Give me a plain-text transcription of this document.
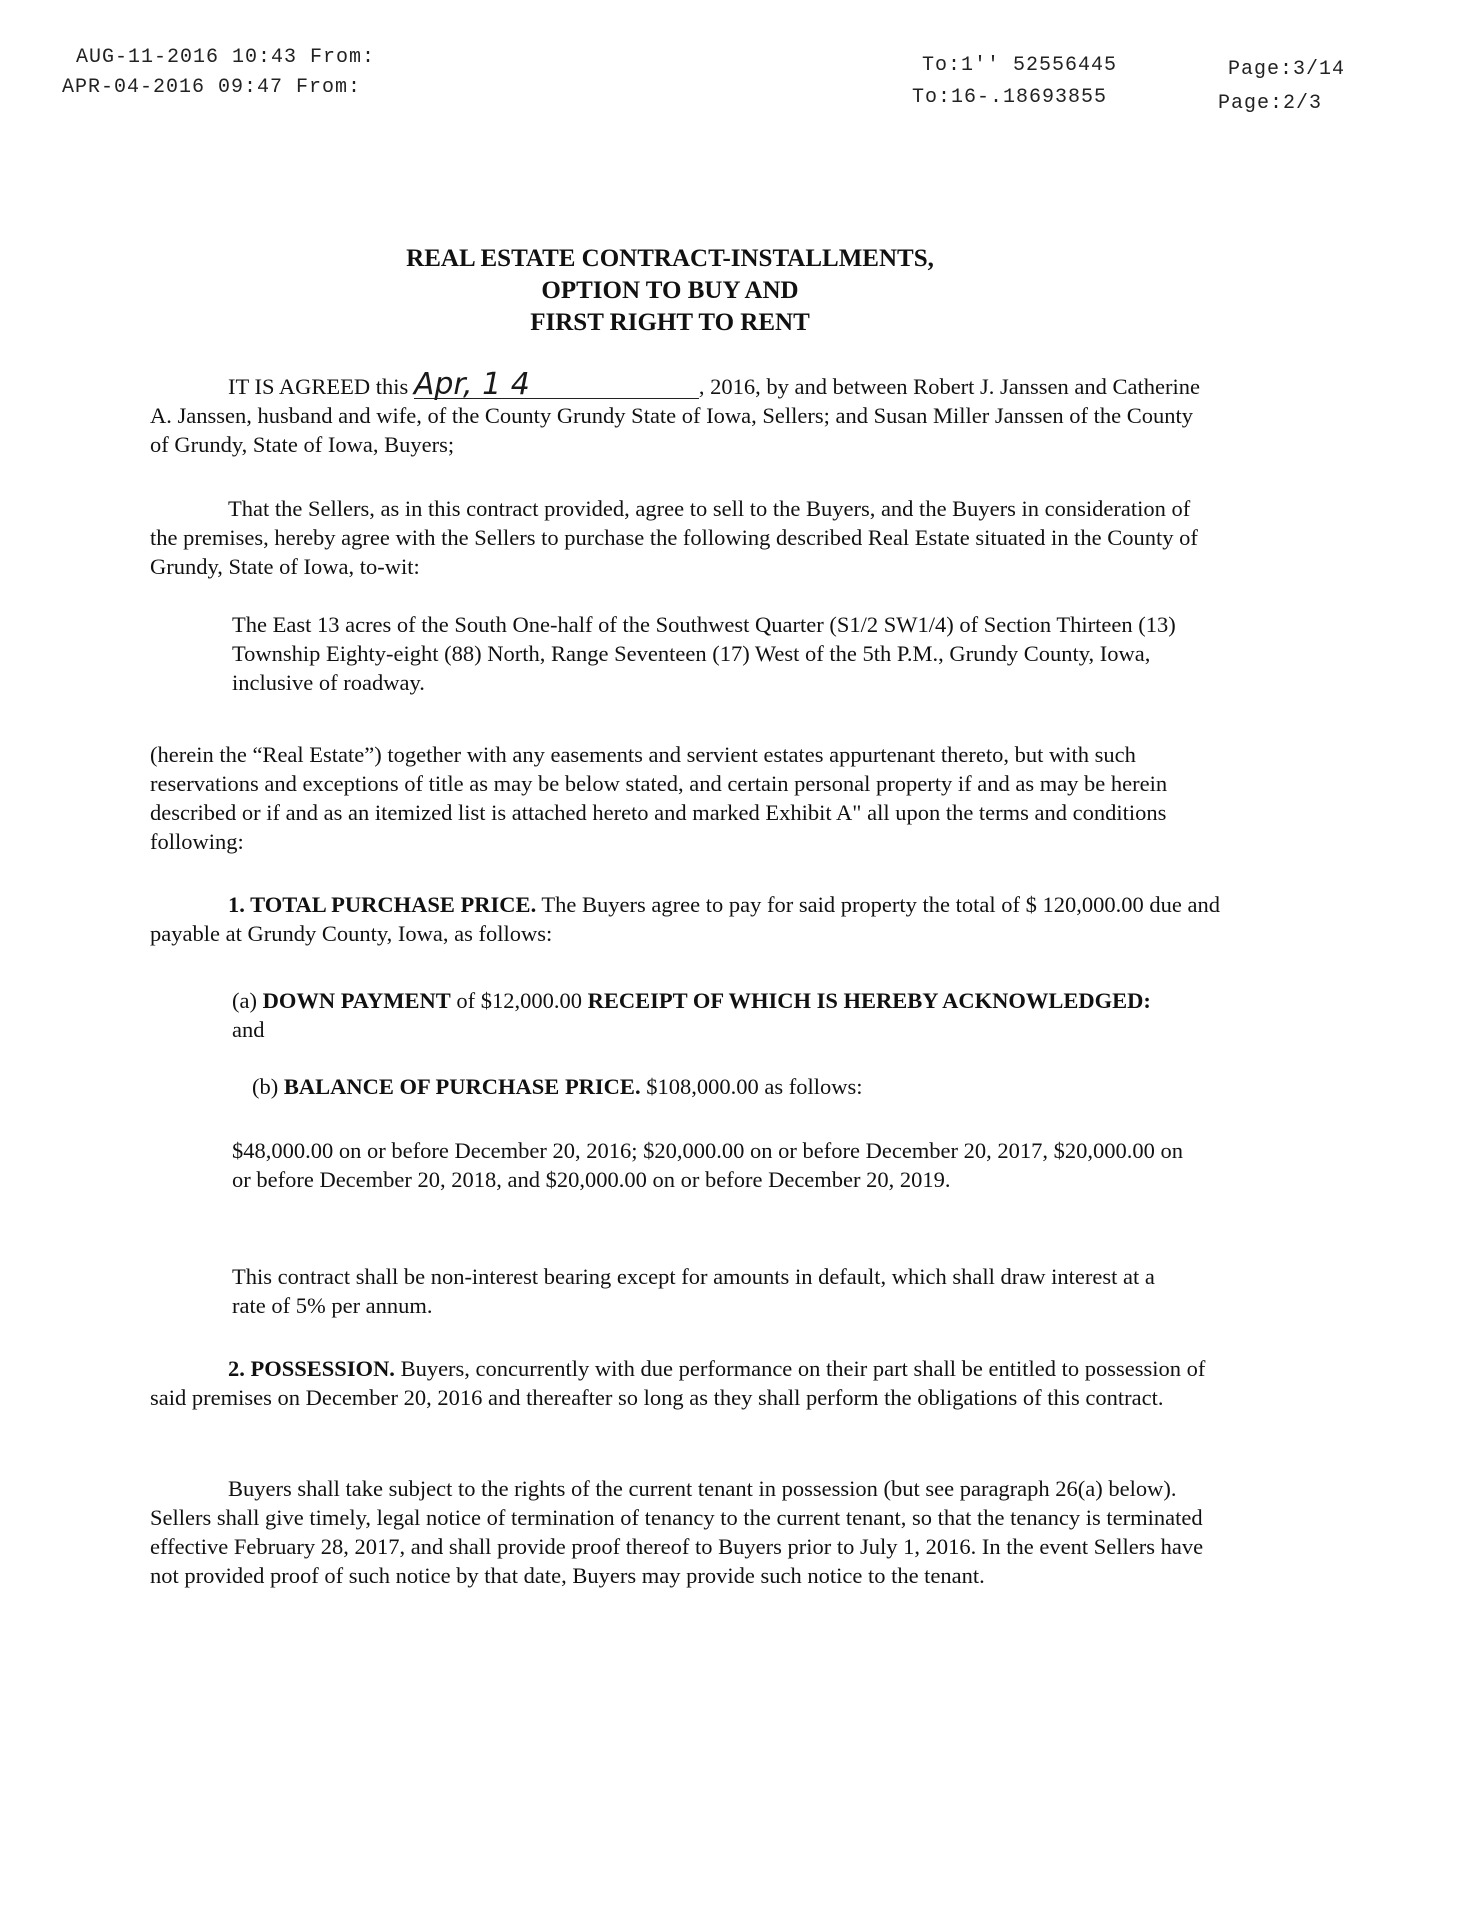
AUG-11-2016 10:43 From:
APR-04-2016 09:47 From:
To:1'' 52556445
To:16-.18693855
Page:3/14
Page:2/3
REAL ESTATE CONTRACT-INSTALLMENTS,
OPTION TO BUY AND
FIRST RIGHT TO RENT

IT IS AGREED this Apr, 1 4	, 2016, by and between Robert J. Janssen and Catherine A. Janssen, husband and wife, of the County Grundy State of Iowa, Sellers; and Susan Miller Janssen of the County of Grundy, State of Iowa, Buyers;

That the Sellers, as in this contract provided, agree to sell to the Buyers, and the Buyers in consideration of the premises, hereby agree with the Sellers to purchase the following described Real Estate situated in the County of Grundy, State of Iowa, to-wit:

The East 13 acres of the South One-half of the Southwest Quarter (S1/2 SW1/4) of Section Thirteen (13) Township Eighty-eight (88) North, Range Seventeen (17) West of the 5th P.M., Grundy County, Iowa, inclusive of roadway.

(herein the “Real Estate”) together with any easements and servient estates appurtenant thereto, but with such reservations and exceptions of title as may be below stated, and certain personal property if and as may be herein described or if and as an itemized list is attached hereto and marked Exhibit A" all upon the terms and conditions following:

1. TOTAL PURCHASE PRICE. The Buyers agree to pay for said property the total of $ 120,000.00 due and payable at Grundy County, Iowa, as follows:

(a) DOWN PAYMENT of $12,000.00 RECEIPT OF WHICH IS HEREBY ACKNOWLEDGED: and

(b) BALANCE OF PURCHASE PRICE. $108,000.00 as follows:

$48,000.00 on or before December 20, 2016; $20,000.00 on or before December 20, 2017, $20,000.00 on or before December 20, 2018, and $20,000.00 on or before December 20, 2019.

This contract shall be non-interest bearing except for amounts in default, which shall draw interest at a rate of 5% per annum.

2. POSSESSION. Buyers, concurrently with due performance on their part shall be entitled to possession of said premises on December 20, 2016 and thereafter so long as they shall perform the obligations of this contract.

Buyers shall take subject to the rights of the current tenant in possession (but see paragraph 26(a) below). Sellers shall give timely, legal notice of termination of tenancy to the current tenant, so that the tenancy is terminated effective February 28, 2017, and shall provide proof thereof to Buyers prior to July 1, 2016. In the event Sellers have not provided proof of such notice by that date, Buyers may provide such notice to the tenant.
